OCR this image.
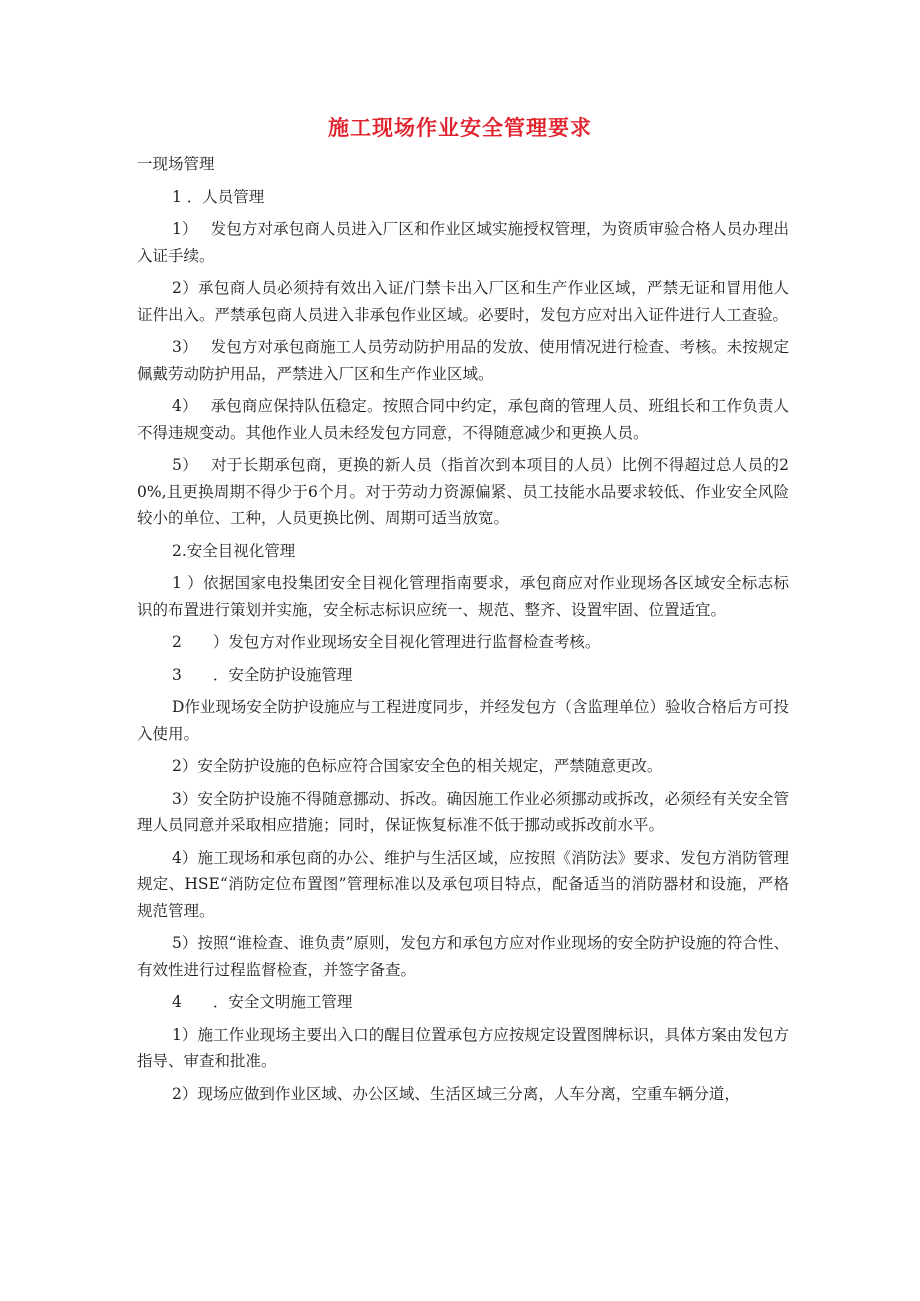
施工现场作业安全管理要求

一现场管理

1 ．人员管理

1）　 发包方对承包商人员进入厂区和作业区域实施授权管理，为资质审验合格人员办理出入证手续。

2）承包商人员必须持有效出入证/门禁卡出入厂区和生产作业区域，严禁无证和冒用他人证件出入。严禁承包商人员进入非承包作业区域。必要时，发包方应对出入证件进行人工查验。

3）　 发包方对承包商施工人员劳动防护用品的发放、使用情况进行检查、考核。未按规定佩戴劳动防护用品，严禁进入厂区和生产作业区域。

4）　 承包商应保持队伍稳定。按照合同中约定，承包商的管理人员、班组长和工作负责人不得违规变动。其他作业人员未经发包方同意，不得随意减少和更换人员。

5）　 对于长期承包商，更换的新人员（指首次到本项目的人员）比例不得超过总人员的20%,且更换周期不得少于6个月。对于劳动力资源偏紧、员工技能水品要求较低、作业安全风险较小的单位、工种，人员更换比例、周期可适当放宽。

2.安全目视化管理

1 ）依据国家电投集团安全目视化管理指南要求，承包商应对作业现场各区域安全标志标识的布置进行策划并实施，安全标志标识应统一、规范、整齐、设置牢固、位置适宜。

2　　）发包方对作业现场安全目视化管理进行监督检查考核。

3　　．安全防护设施管理

D作业现场安全防护设施应与工程进度同步，并经发包方（含监理单位）验收合格后方可投入使用。

2）安全防护设施的色标应符合国家安全色的相关规定，严禁随意更改。

3）安全防护设施不得随意挪动、拆改。确因施工作业必须挪动或拆改，必须经有关安全管理人员同意并采取相应措施；同时，保证恢复标准不低于挪动或拆改前水平。

4）施工现场和承包商的办公、维护与生活区域，应按照《消防法》要求、发包方消防管理规定、HSE“消防定位布置图”管理标准以及承包项目特点，配备适当的消防器材和设施，严格规范管理。

5）按照“谁检查、谁负责”原则，发包方和承包方应对作业现场的安全防护设施的符合性、有效性进行过程监督检查，并签字备查。

4　　．安全文明施工管理

1）施工作业现场主要出入口的醒目位置承包方应按规定设置图牌标识，具体方案由发包方指导、审查和批准。

2）现场应做到作业区域、办公区域、生活区域三分离，人车分离，空重车辆分道，
